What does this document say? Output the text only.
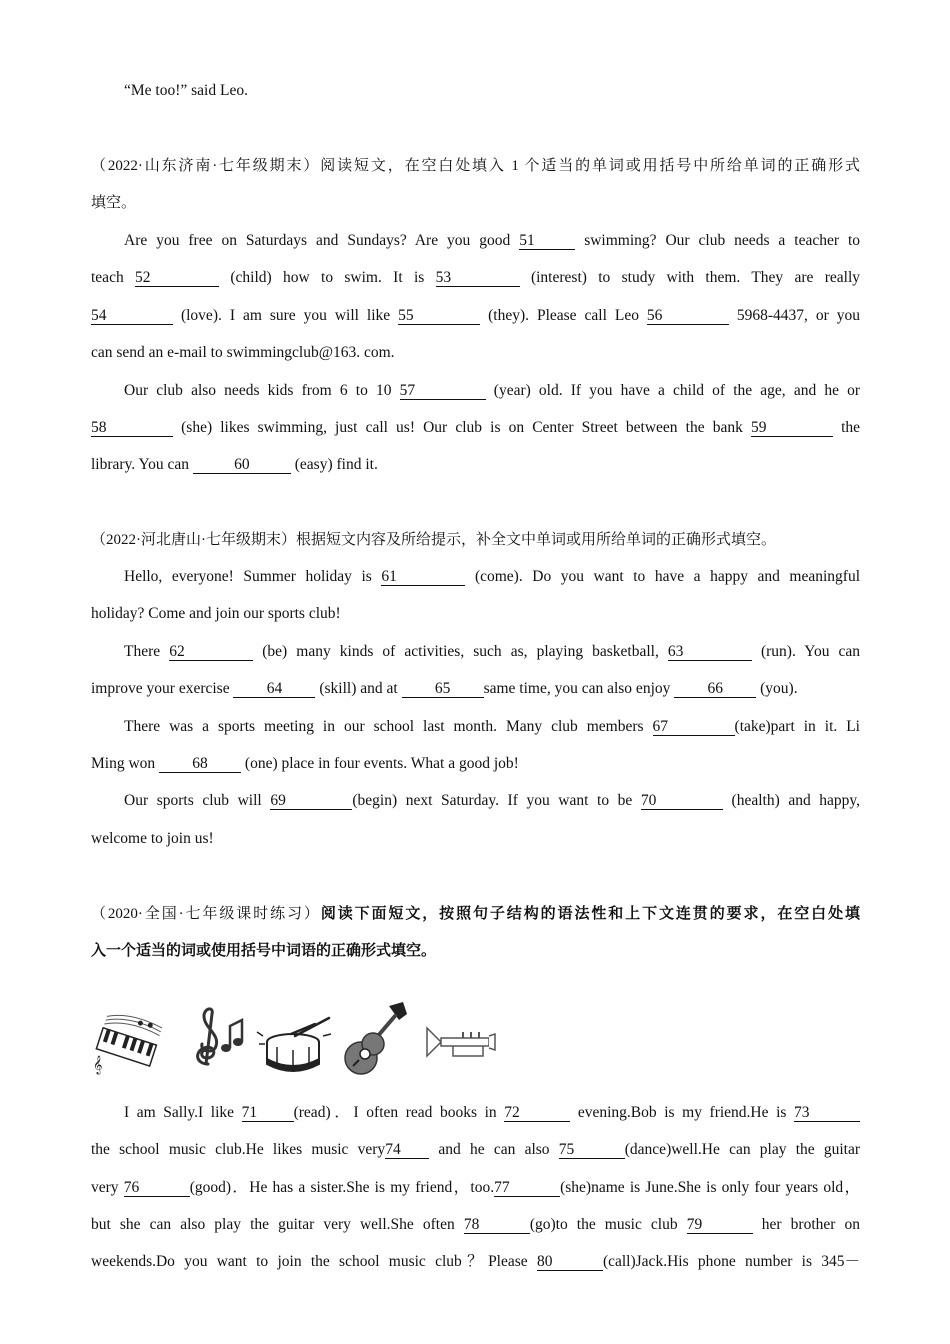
“Me too!” said Leo.
（2022·山东济南·七年级期末）阅读短文，在空白处填入 1 个适当的单词或用括号中所给单词的正确形式
填空。
Are you free on Saturdays and Sundays? Are you good 51	swimming? Our club needs a teacher to
teach 52	(child) how to swim. It is 53	(interest) to study with them. They are really
54	(love). I am sure you will like 55	(they). Please call Leo 56	5968-4437, or you
can send an e-mail to swimmingclub@163. com.
Our club also needs kids from 6 to 10 57	(year) old. If you have a child of the age, and he or
58	(she) likes swimming, just call us! Our club is on Center Street between the bank 59	the
library. You can	60	(easy) find it.
（2022·河北唐山·七年级期末）根据短文内容及所给提示，补全文中单词或用所给单词的正确形式填空。
Hello, everyone! Summer holiday is 61	(come). Do you want to have a happy and meaningful
holiday? Come and join our sports club!
There 62	(be) many kinds of activities, such as, playing basketball, 63	(run). You can
improve your exercise 64 (skill) and at 65 same time, you can also enjoy 66 (you).
There was a sports meeting in our school last month. Many club members 67	(take)part in it. Li
Ming won 68 (one) place in four events. What a good job!
Our sports club will 69	(begin) next Saturday. If you want to be 70	(health) and happy,
welcome to join us!
（2020·全国·七年级课时练习）阅读下面短文，按照句子结构的语法性和上下文连贯的要求，在空白处填
入一个适当的词或使用括号中词语的正确形式填空。
𝄞
I am Sally.I like 71 (read)．I often read books in 72	evening.Bob is my friend.He is 73
the school music club.He likes music very74 and he can also 75	(dance)well.He can play the guitar
very 76	(good)．He has a sister.She is my friend，too.77	(she)name is June.She is only four years old，
but she can also play the guitar very well.She often 78	(go)to the music club 79	her brother on
weekends.Do you want to join the school music club？Please 80	(call)Jack.His phone number is 345－
